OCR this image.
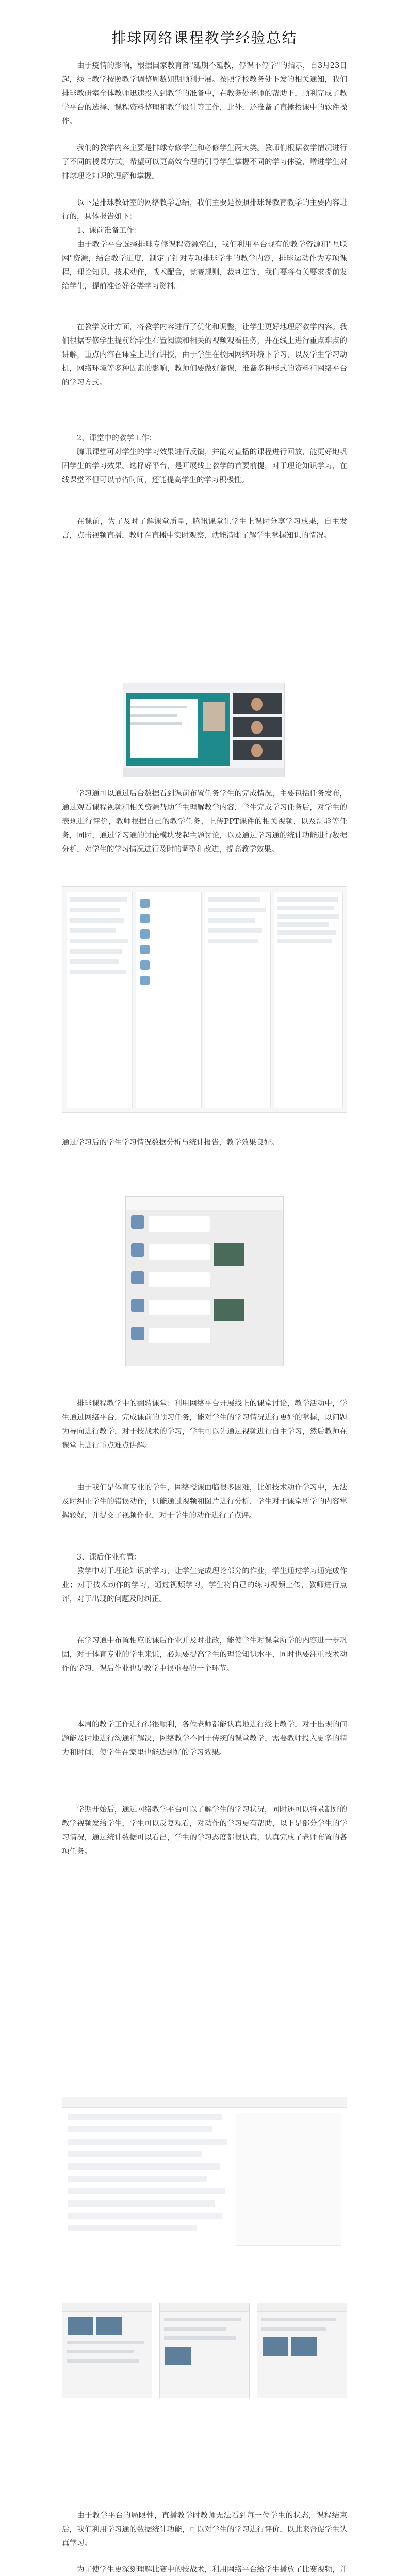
排球网络课程教学经验总结
由于疫情的影响，根据国家教育部"延期不延教，停课不停学"的指示，自3月23日起，线上教学按照教学调整周数如期顺利开展。按照学校教务处下发的相关通知，我们排球教研室全体教师迅速投入到教学的准备中，在教务处老师的帮助下，顺利完成了教学平台的选择、课程资料整理和教学设计等工作，此外，还准备了直播授课中的软件操作。
我们的教学内容主要是排球专修学生和必修学生两大类。教师们根据教学情况进行了不同的授课方式，希望可以更高效合理的引导学生掌握不同的学习体验，增进学生对排球理论知识的理解和掌握。
以下是排球教研室的网络教学总结，我们主要是按照排球课教育教学的主要内容进行的，具体报告如下：
1、课前准备工作：
由于教学平台选择排球专修课程资源空白，我们利用平台现有的教学资源和"互联网"资源，结合教学进度，制定了针对专项排球学生的教学内容，排球运动作为专项课程，理论知识，技术动作，战术配合，竞赛规则，裁判法等，我们要将有关要求提前发给学生，提前准备好各类学习资料。
在教学设计方面，将教学内容进行了优化和调整，让学生更好地理解教学内容。我们根据专修学生提前给学生布置阅读和相关的视频观看任务，并在线上进行重点难点的讲解，重点内容在课堂上进行讲授，由于学生在校园网络环境下学习，以及学生学习动机，网络环境等多种因素的影响，教师们要做好备课，准备多种形式的资料和网络平台的学习方式。
2、课堂中的教学工作：
腾讯课堂可对学生的学习效果进行反馈，并能对直播的课程进行回放，能更好地巩固学生的学习效果。选择好平台，是开展线上教学的首要前提，对于理论知识学习，在线课堂不但可以节省时间，还能提高学生的学习积极性。
在课前，为了及时了解课堂质量，腾讯课堂让学生上课时分享学习成果，自主发言，点击视频直播，教师在直播中实时观察，就能清晰了解学生掌握知识的情况。
学习通可以通过后台数据看到课前布置任务学生的完成情况，主要包括任务发布，通过观看课程视频和相关资源帮助学生理解教学内容，学生完成学习任务后，对学生的表现进行评价，教师根据自己的教学任务，上传PPT课件的相关视频，以及测验等任务，同时，通过学习通的讨论模块发起主题讨论，以及通过学习通的统计功能进行数据分析，对学生的学习情况进行及时的调整和改进，提高教学效果。
通过学习后的学生学习情况数据分析与统计报告，教学效果良好。
排球课程教学中的翻转课堂：利用网络平台开展线上的课堂讨论，教学活动中，学生通过网络平台，完成课前的预习任务，能对学生的学习情况进行更好的掌握，以问题为导向进行教学，对于技战术的学习，学生可以先通过视频进行自主学习，然后教师在课堂上进行重点难点讲解。
由于我们是体育专业的学生，网络授课面临很多困难，比如技术动作学习中，无法及时纠正学生的错误动作，只能通过视频和图片进行分析，学生对于课堂所学的内容掌握较好，并提交了视频作业，对于学生的动作进行了点评。
3、课后作业布置：
教学中对于理论知识的学习，让学生完成理论部分的作业，学生通过学习通完成作业；对于技术动作的学习，通过视频学习，学生将自己的练习视频上传，教师进行点评，对于出现的问题及时纠正。
在学习通中布置相应的课后作业并及时批改，能使学生对课堂所学的内容进一步巩固，对于体育专业的学生来说，必须要提高学生的理论知识水平，同时也要注重技术动作的学习，课后作业也是教学中很重要的一个环节。
本周的教学工作进行得很顺利，各位老师都能认真地进行线上教学，对于出现的问题能及时地进行沟通和解决，网络教学不同于传统的课堂教学，需要教师投入更多的精力和时间，使学生在家里也能达到好的学习效果。
学期开始后，通过网络教学平台可以了解学生的学习状况，同时还可以将录制好的教学视频发给学生，学生可以反复观看，对动作的学习更有帮助，以下是部分学生的学习情况，通过统计数据可以看出，学生的学习态度都很认真，认真完成了老师布置的各项任务。
由于教学平台的局限性，直播教学时教师无法看到每一位学生的状态，课程结束后，我们利用学习通的数据统计功能，可以对学生的学习进行评价，以此来督促学生认真学习。
为了使学生更深刻理解比赛中的技战术，利用网络平台给学生播放了比赛视频，并
